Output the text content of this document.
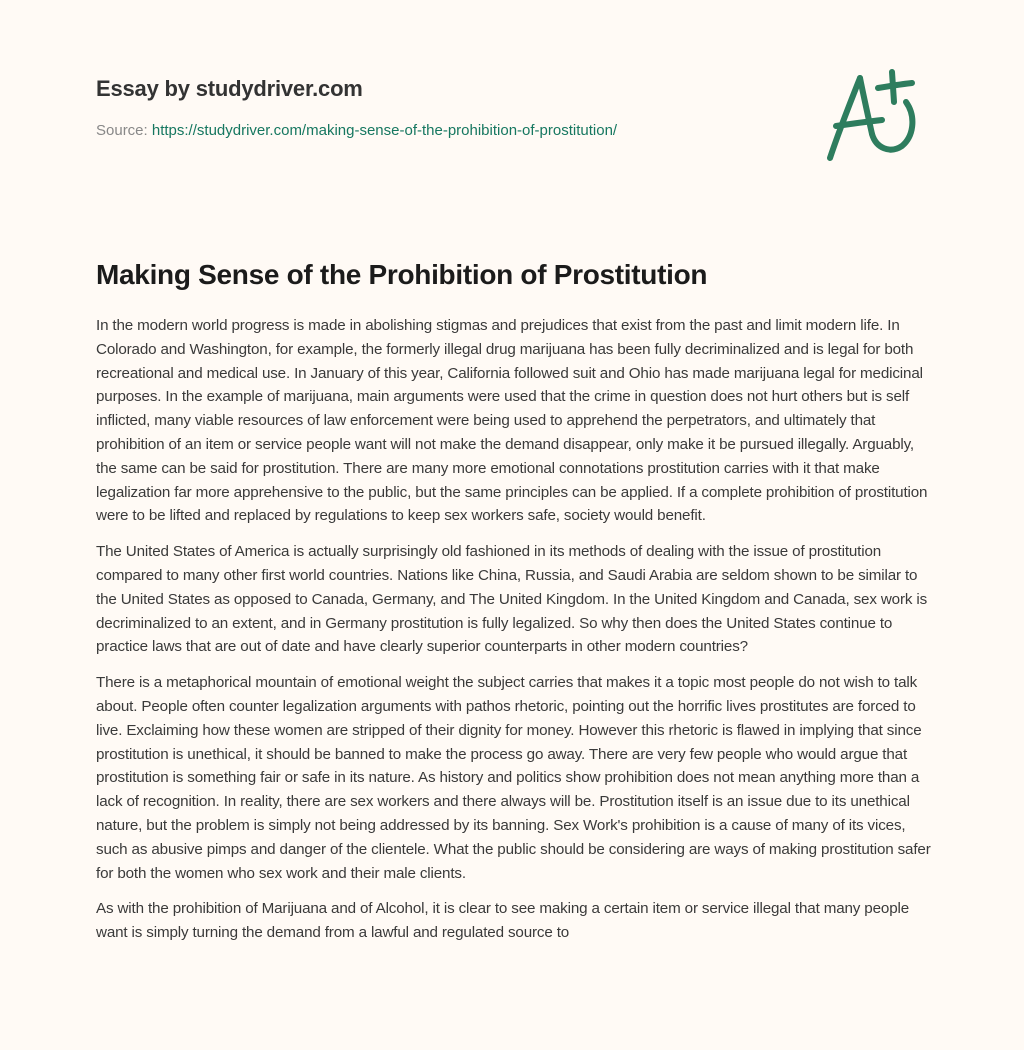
Essay by studydriver.com
Source: https://studydriver.com/making-sense-of-the-prohibition-of-prostitution/
Making Sense of the Prohibition of Prostitution

In the modern world progress is made in abolishing stigmas and prejudices that exist from the past and limit modern life. In Colorado and Washington, for example, the formerly illegal drug marijuana has been fully decriminalized and is legal for both recreational and medical use. In January of this year, California followed suit and Ohio has made marijuana legal for medicinal purposes. In the example of marijuana, main arguments were used that the crime in question does not hurt others but is self inflicted, many viable resources of law enforcement were being used to apprehend the perpetrators, and ultimately that prohibition of an item or service people want will not make the demand disappear, only make it be pursued illegally. Arguably, the same can be said for prostitution. There are many more emotional connotations prostitution carries with it that make legalization far more apprehensive to the public, but the same principles can be applied. If a complete prohibition of prostitution were to be lifted and replaced by regulations to keep sex workers safe, society would benefit.

The United States of America is actually surprisingly old fashioned in its methods of dealing with the issue of prostitution compared to many other first world countries. Nations like China, Russia, and Saudi Arabia are seldom shown to be similar to the United States as opposed to Canada, Germany, and The United Kingdom. In the United Kingdom and Canada, sex work is decriminalized to an extent, and in Germany prostitution is fully legalized. So why then does the United States continue to practice laws that are out of date and have clearly superior counterparts in other modern countries?

There is a metaphorical mountain of emotional weight the subject carries that makes it a topic most people do not wish to talk about. People often counter legalization arguments with pathos rhetoric, pointing out the horrific lives prostitutes are forced to live. Exclaiming how these women are stripped of their dignity for money. However this rhetoric is flawed in implying that since prostitution is unethical, it should be banned to make the process go away. There are very few people who would argue that prostitution is something fair or safe in its nature. As history and politics show prohibition does not mean anything more than a lack of recognition. In reality, there are sex workers and there always will be. Prostitution itself is an issue due to its unethical nature, but the problem is simply not being addressed by its banning. Sex Work's prohibition is a cause of many of its vices, such as abusive pimps and danger of the clientele. What the public should be considering are ways of making prostitution safer for both the women who sex work and their male clients.

As with the prohibition of Marijuana and of Alcohol, it is clear to see making a certain item or service illegal that many people want is simply turning the demand from a lawful and regulated source to
